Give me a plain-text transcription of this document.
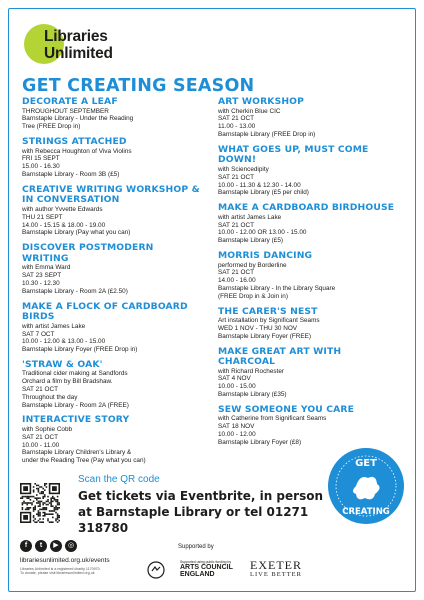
Libraries
Unlimited
GET CREATING SEASON
DECORATE A LEAF
THROUGHOUT SEPTEMBER
Barnstaple Library - Under the Reading
Tree (FREE Drop in)
STRINGS ATTACHED
with Rebecca Houghton of Viva Violins
FRI 15 SEPT
15.00 - 16.30
Barnstaple Library - Room 3B (£5)
CREATIVE WRITING WORKSHOP & IN CONVERSATION
with author Yvvette Edwards
THU 21 SEPT
14.00 - 15.15 & 18.00 - 19.00
Barnstaple Library (Pay what you can)
DISCOVER POSTMODERN WRITING
with Emma Ward
SAT 23 SEPT
10.30 - 12.30
Barnstaple Library - Room 2A (£2.50)
MAKE A FLOCK OF CARDBOARD BIRDS
with artist James Lake
SAT 7 OCT
10.00 - 12.00 & 13.00 - 15.00
Barnstaple Library Foyer (FREE Drop in)
'STRAW & OAK'
Traditional cider making at Sandfords
Orchard a film by Bill Bradshaw.
SAT 21 OCT
Throughout the day
Barnstaple Library - Room 2A (FREE)
INTERACTIVE STORY
with Sophie Cobb
SAT 21 OCT
10.00 - 11.00
Barnstaple Library Children's Library &
under the Reading Tree (Pay what you can)
ART WORKSHOP
with Cherkin Blue CIC
SAT 21 OCT
11.00 - 13.00
Barnstaple Library (FREE Drop in)
WHAT GOES UP, MUST COME DOWN!
with Sciencedipity
SAT 21 OCT
10.00 - 11.30 & 12.30 - 14.00
Barnstaple Library (£5 per child)
MAKE A CARDBOARD BIRDHOUSE
with artist James Lake
SAT 21 OCT
10.00 - 12.00 OR 13.00 - 15.00
Barnstaple Library (£5)
MORRIS DANCING
performed by Borderline
SAT 21 OCT
14.00 - 16.00
Barnstaple Library - In the Library Square
(FREE Drop in & Join in)
THE CARER'S NEST
Art installation by Significant Seams
WED 1 NOV - THU 30 NOV
Barnstaple Library Foyer (FREE)
MAKE GREAT ART WITH CHARCOAL
with Richard Rochester
SAT 4 NOV
10.00 - 15.00
Barnstaple Library (£35)
SEW SOMEONE YOU CARE
with Catherine from Significant Seams
SAT 18 NOV
10.00 - 12.00
Barnstaple Library Foyer (£8)
Scan the QR code
Get tickets via Eventbrite, in person at Barnstaple Library or tel 01271 318780
GET
CREATING
f	t	▶	◎
librariesunlimited.org.uk/events
Libraries Unlimited is a registered charity 1170970.
To donate, please visit librariesunlimited.org.uk
Supported by
Supported using public funding by
ARTS COUNCIL
ENGLAND
EXETER
LIVE BETTER
